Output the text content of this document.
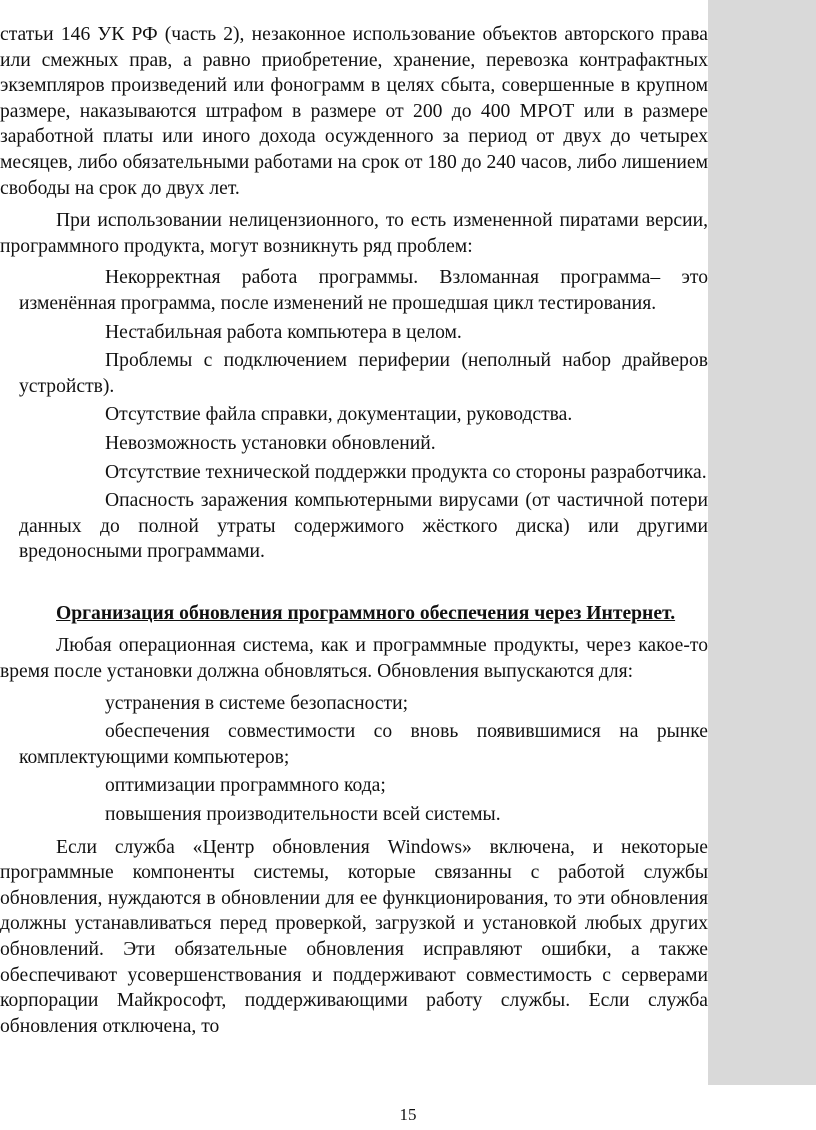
статьи 146 УК РФ (часть 2), незаконное использование объектов авторского права или смежных прав, а равно приобретение, хранение, перевозка контрафактных экземпляров произведений или фонограмм в целях сбыта, совершенные в крупном размере, наказываются штрафом в размере от 200 до 400 МРОТ или в размере заработной платы или иного дохода осужденного за период от двух до четырех месяцев, либо обязательными работами на срок от 180 до 240 часов, либо лишением свободы на срок до двух лет.

При использовании нелицензионного, то есть измененной пиратами версии, программного продукта, могут возникнуть ряд проблем:

Некорректная работа программы. Взломанная программа– это изменённая программа, после изменений не прошедшая цикл тестирования.
Нестабильная работа компьютера в целом.
Проблемы с подключением периферии (неполный набор драйверов устройств).
Отсутствие файла справки, документации, руководства.
Невозможность установки обновлений.
Отсутствие технической поддержки продукта со стороны разработчика.
Опасность заражения компьютерными вирусами (от частичной потери данных до полной утраты содержимого жёсткого диска) или другими вредоносными программами.

Организация обновления программного обеспечения через Интернет.

Любая операционная система, как и программные продукты, через какое-то время после установки должна обновляться. Обновления выпускаются для:

устранения в системе безопасности;
обеспечения совместимости со вновь появившимися на рынке комплектующими компьютеров;
оптимизации программного кода;
повышения производительности всей системы.

Если служба «Центр обновления Windows» включена, и некоторые программные компоненты системы, которые связанны с работой службы обновления, нуждаются в обновлении для ее функционирования, то эти обновления должны устанавливаться перед проверкой, загрузкой и установкой любых других обновлений. Эти обязательные обновления исправляют ошибки, а также обеспечивают усовершенствования и поддерживают совместимость с серверами корпорации Майкрософт, поддерживающими работу службы. Если служба обновления отключена, то

15
